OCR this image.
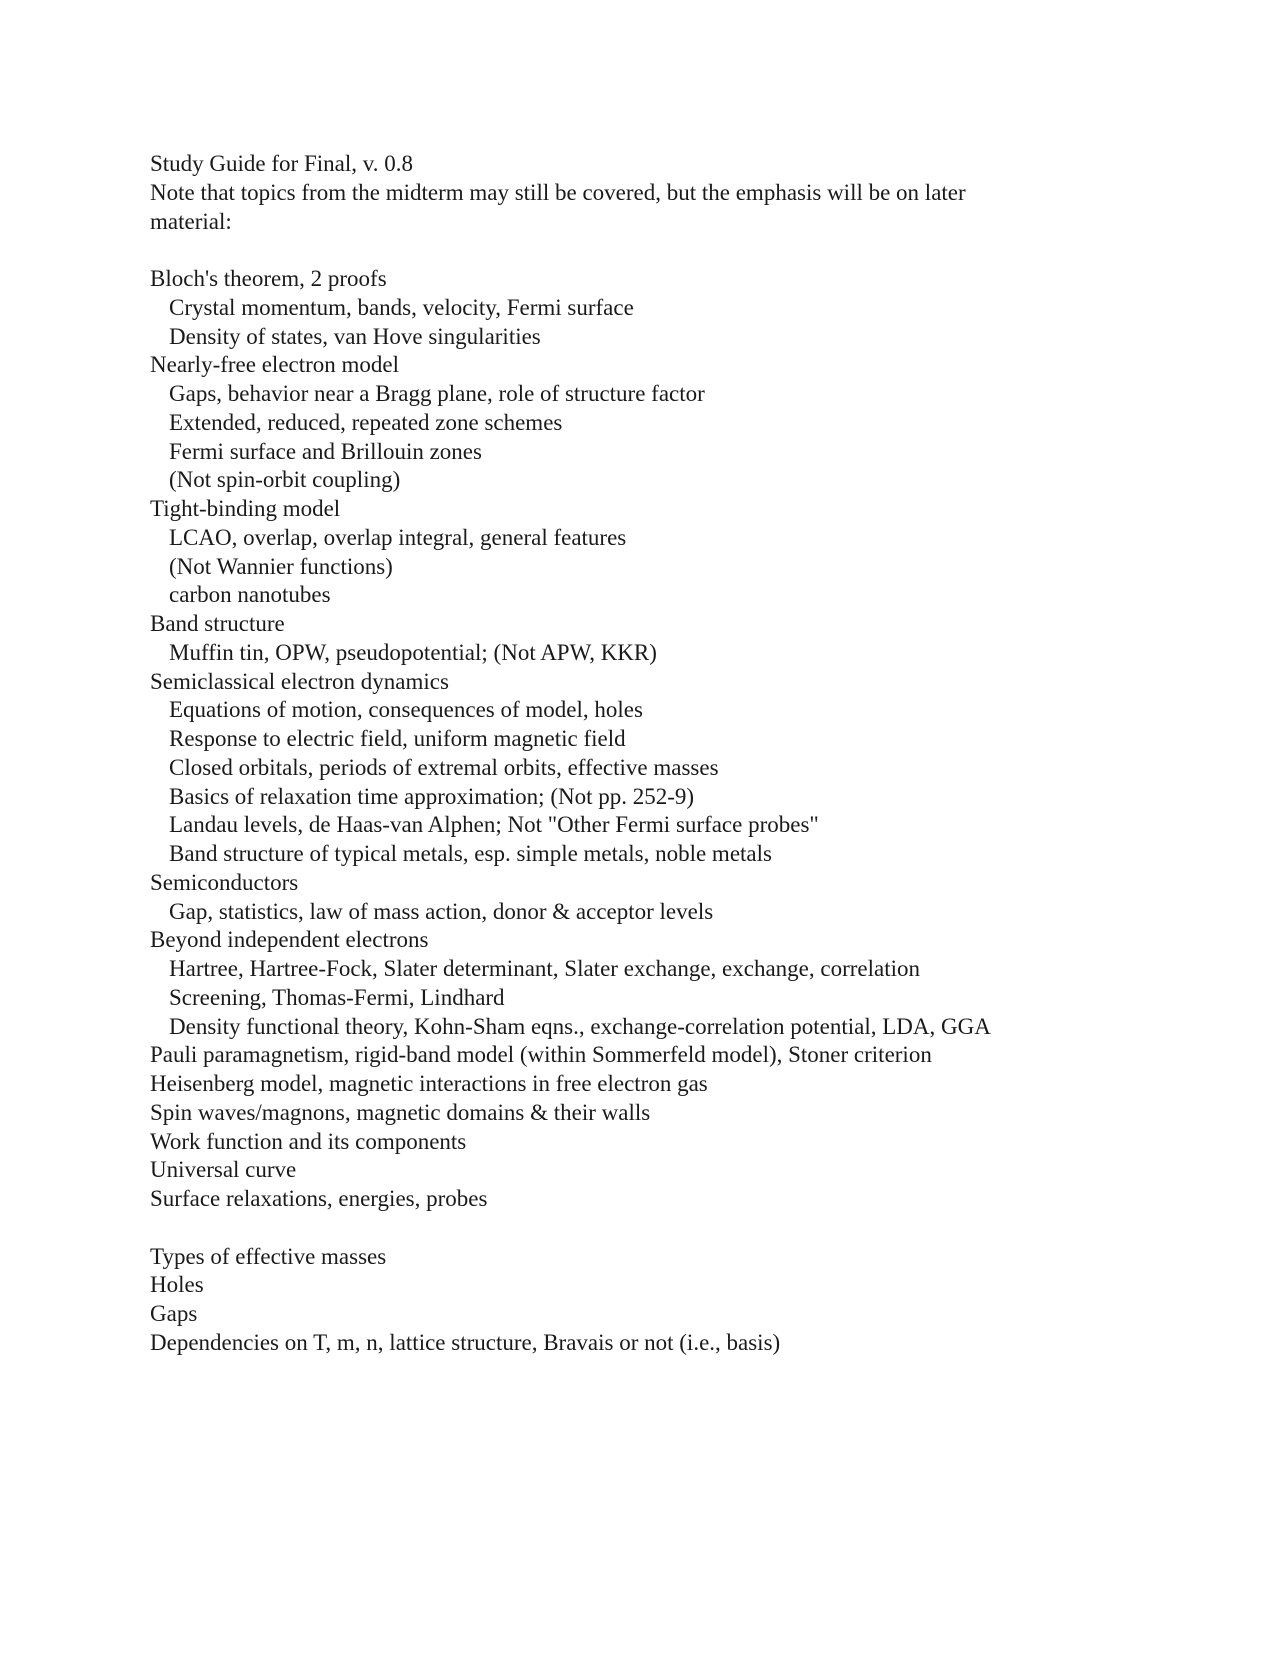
Study Guide for Final, v. 0.8

Note that topics from the midterm may still be covered, but the emphasis will be on later

material:

Bloch's theorem, 2 proofs

Crystal momentum, bands, velocity, Fermi surface

Density of states, van Hove singularities

Nearly-free electron model

Gaps, behavior near a Bragg plane, role of structure factor

Extended, reduced, repeated zone schemes

Fermi surface and Brillouin zones

(Not spin-orbit coupling)

Tight-binding model

LCAO, overlap, overlap integral, general features

(Not Wannier functions)

carbon nanotubes

Band structure

Muffin tin, OPW, pseudopotential; (Not APW, KKR)

Semiclassical electron dynamics

Equations of motion, consequences of model, holes

Response to electric field, uniform magnetic field

Closed orbitals, periods of extremal orbits, effective masses

Basics of relaxation time approximation; (Not pp. 252-9)

Landau levels, de Haas-van Alphen; Not "Other Fermi surface probes"

Band structure of typical metals, esp. simple metals, noble metals

Semiconductors

Gap, statistics, law of mass action, donor & acceptor levels

Beyond independent electrons

Hartree, Hartree-Fock, Slater determinant, Slater exchange, exchange, correlation

Screening, Thomas-Fermi, Lindhard

Density functional theory, Kohn-Sham eqns., exchange-correlation potential, LDA, GGA

Pauli paramagnetism, rigid-band model (within Sommerfeld model), Stoner criterion

Heisenberg model, magnetic interactions in free electron gas

Spin waves/magnons, magnetic domains & their walls

Work function and its components

Universal curve

Surface relaxations, energies, probes

Types of effective masses

Holes

Gaps

Dependencies on T, m, n, lattice structure, Bravais or not (i.e., basis)
